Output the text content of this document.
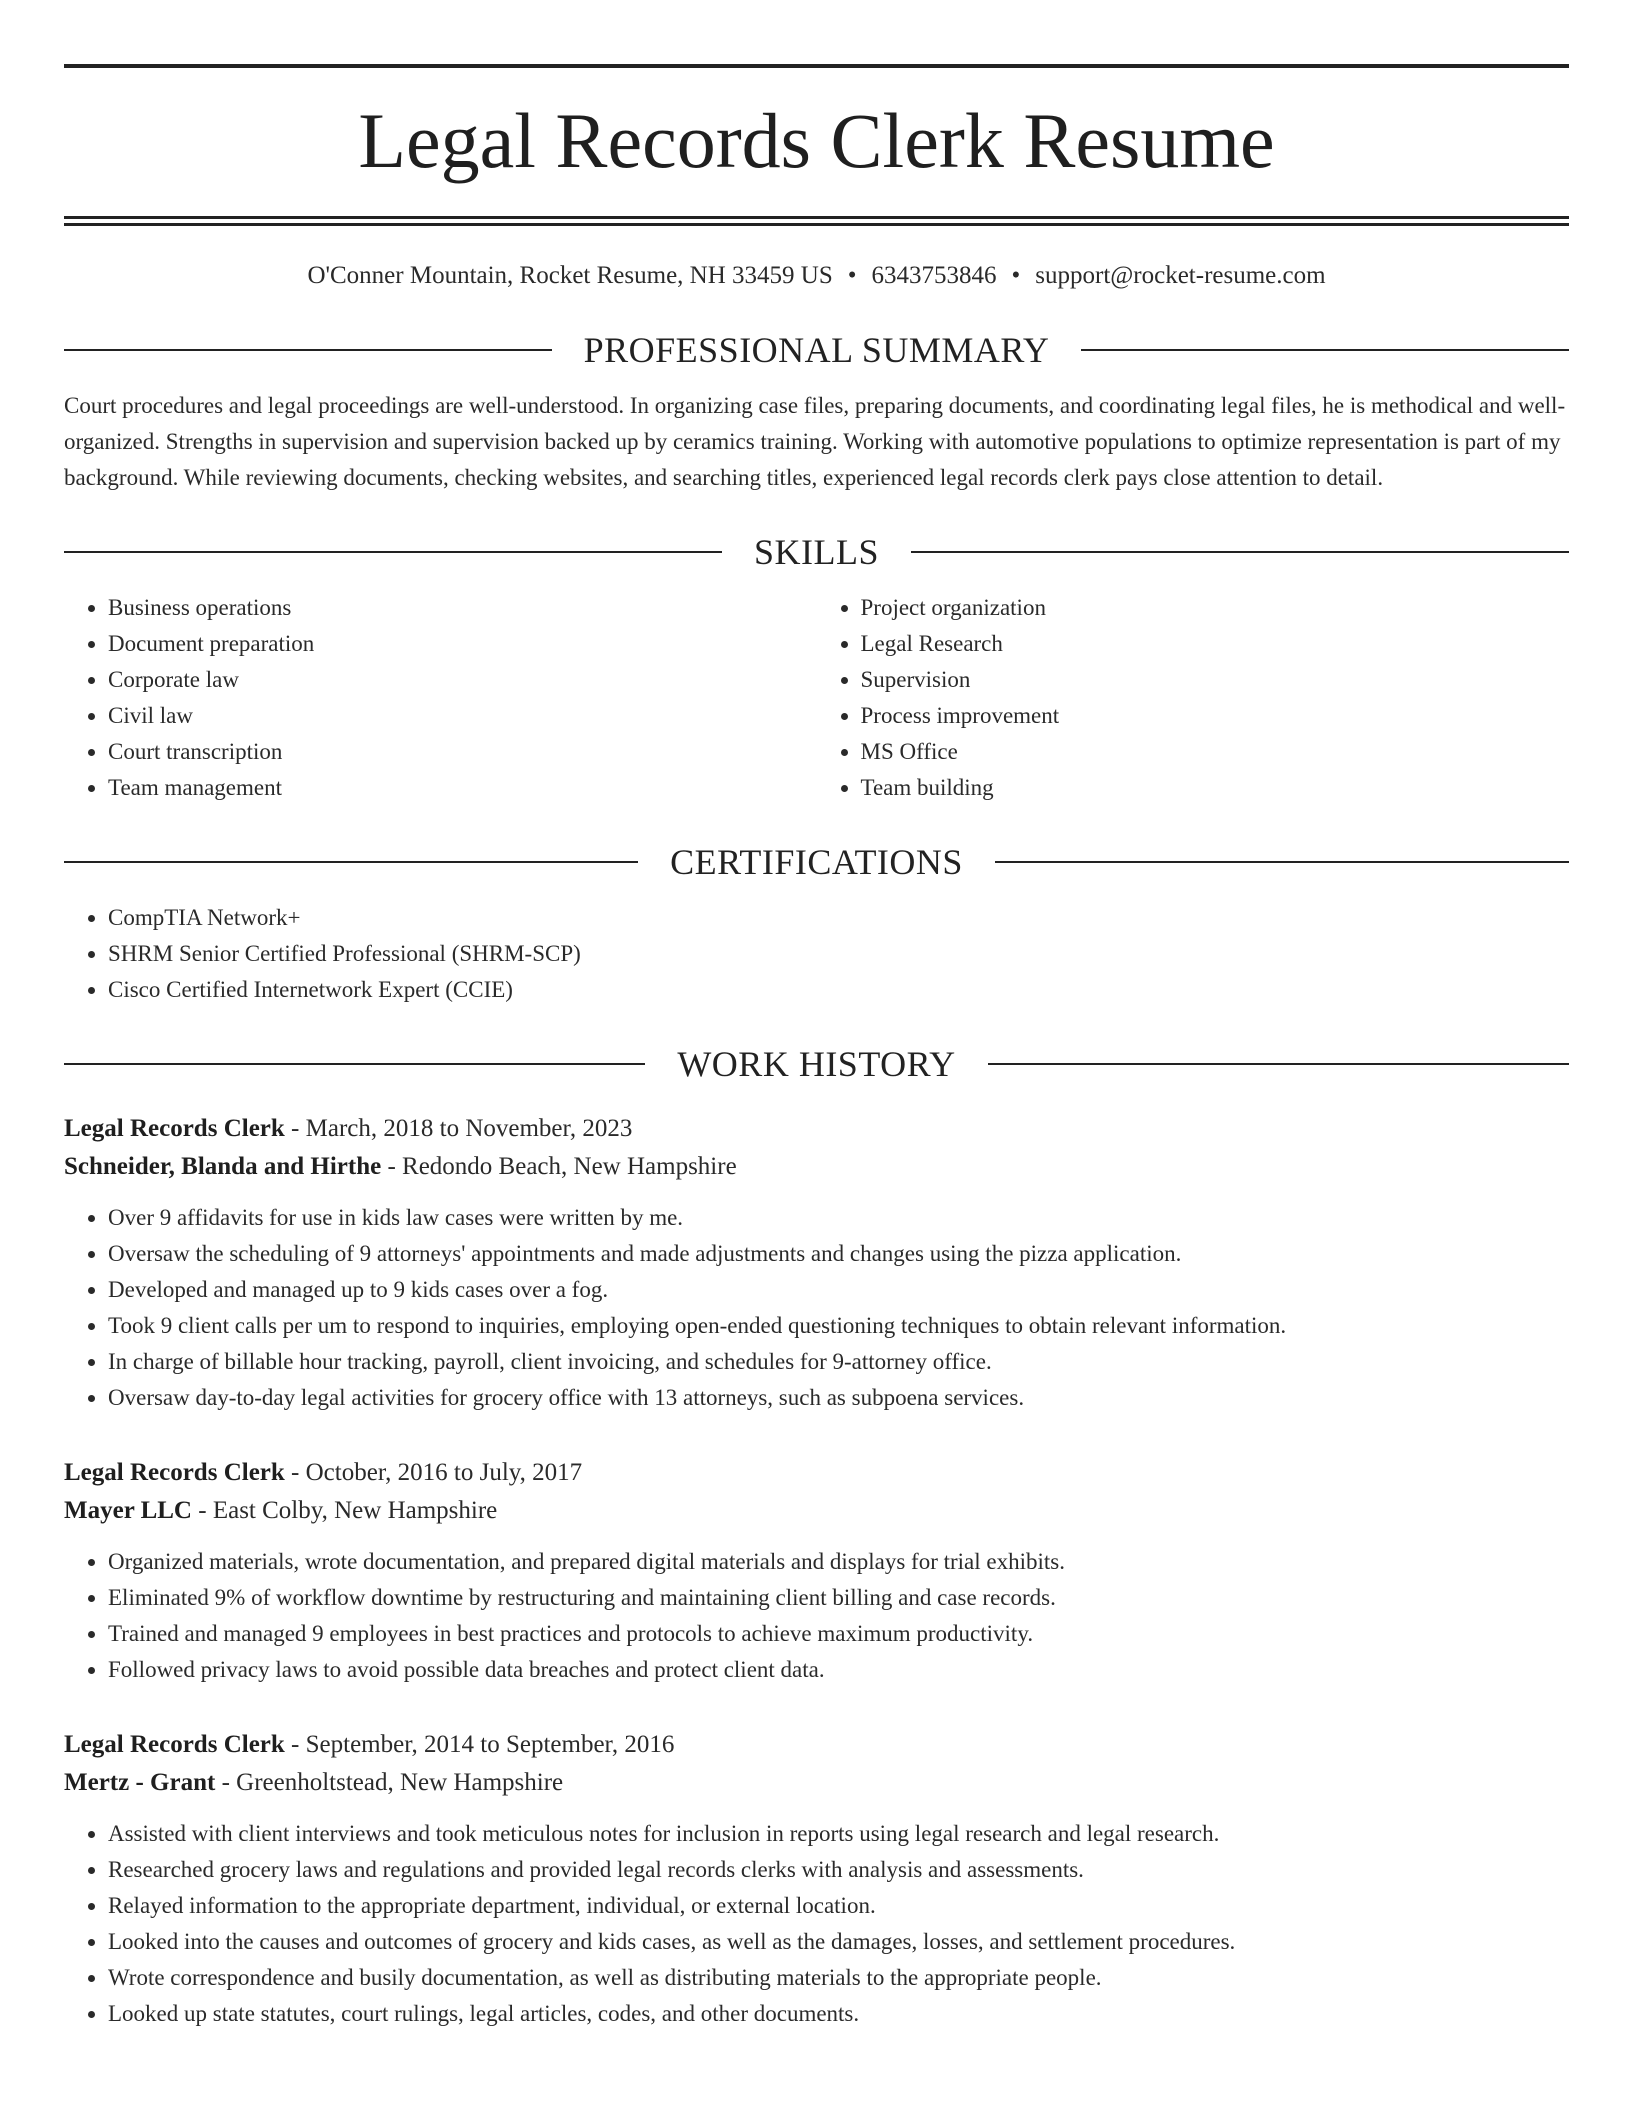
Legal Records Clerk Resume
O'Conner Mountain, Rocket Resume, NH 33459 US • 6343753846 • support@rocket-resume.com
PROFESSIONAL SUMMARY
Court procedures and legal proceedings are well-understood. In organizing case files, preparing documents, and coordinating legal files, he is methodical and well-organized. Strengths in supervision and supervision backed up by ceramics training. Working with automotive populations to optimize representation is part of my background. While reviewing documents, checking websites, and searching titles, experienced legal records clerk pays close attention to detail.
SKILLS
• Business operations
• Document preparation
• Corporate law
• Civil law
• Court transcription
• Team management
• Project organization
• Legal Research
• Supervision
• Process improvement
• MS Office
• Team building
CERTIFICATIONS
• CompTIA Network+
• SHRM Senior Certified Professional (SHRM-SCP)
• Cisco Certified Internetwork Expert (CCIE)
WORK HISTORY
Legal Records Clerk - March, 2018 to November, 2023
Schneider, Blanda and Hirthe - Redondo Beach, New Hampshire
• Over 9 affidavits for use in kids law cases were written by me.
• Oversaw the scheduling of 9 attorneys' appointments and made adjustments and changes using the pizza application.
• Developed and managed up to 9 kids cases over a fog.
• Took 9 client calls per um to respond to inquiries, employing open-ended questioning techniques to obtain relevant information.
• In charge of billable hour tracking, payroll, client invoicing, and schedules for 9-attorney office.
• Oversaw day-to-day legal activities for grocery office with 13 attorneys, such as subpoena services.
Legal Records Clerk - October, 2016 to July, 2017
Mayer LLC - East Colby, New Hampshire
• Organized materials, wrote documentation, and prepared digital materials and displays for trial exhibits.
• Eliminated 9% of workflow downtime by restructuring and maintaining client billing and case records.
• Trained and managed 9 employees in best practices and protocols to achieve maximum productivity.
• Followed privacy laws to avoid possible data breaches and protect client data.
Legal Records Clerk - September, 2014 to September, 2016
Mertz - Grant - Greenholtstead, New Hampshire
• Assisted with client interviews and took meticulous notes for inclusion in reports using legal research and legal research.
• Researched grocery laws and regulations and provided legal records clerks with analysis and assessments.
• Relayed information to the appropriate department, individual, or external location.
• Looked into the causes and outcomes of grocery and kids cases, as well as the damages, losses, and settlement procedures.
• Wrote correspondence and busily documentation, as well as distributing materials to the appropriate people.
• Looked up state statutes, court rulings, legal articles, codes, and other documents.
